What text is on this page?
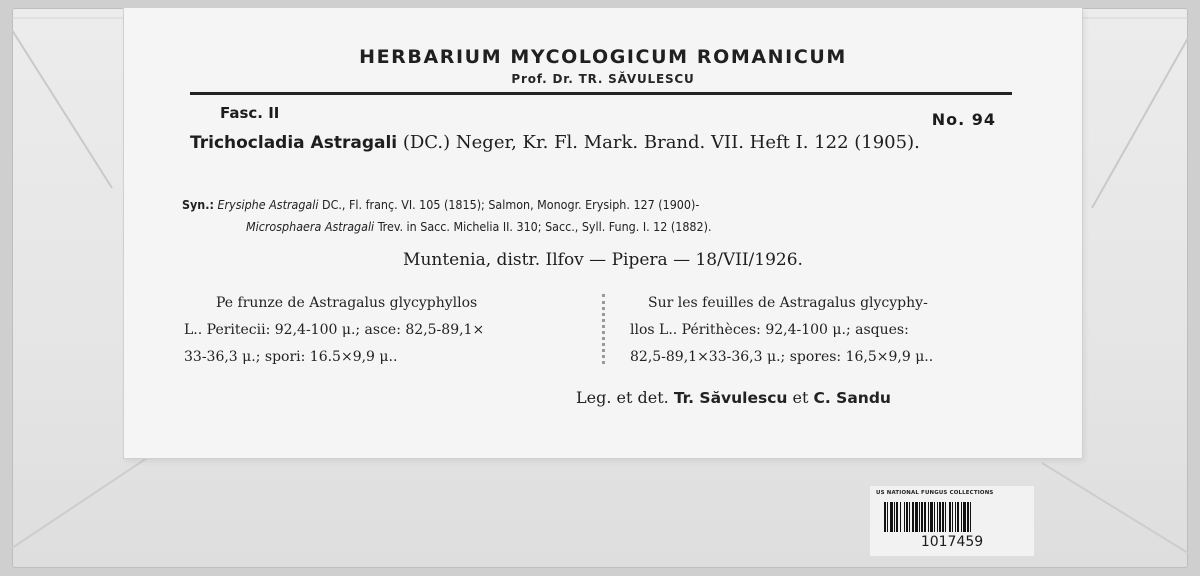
HERBARIUM MYCOLOGICUM ROMANICUM
Prof. Dr. TR. SĂVULESCU
Fasc. II	No. 94
Trichocladia Astragali (DC.) Neger, Kr. Fl. Mark. Brand. VII. Heft I. 122 (1905).
Syn.: Erysiphe Astragali DC., Fl. franç. VI. 105 (1815); Salmon, Monogr. Erysiph. 127 (1900)-
Microsphaera Astragali Trev. in Sacc. Michelia II. 310; Sacc., Syll. Fung. I. 12 (1882).
Muntenia, distr. Ilfov — Pipera — 18/VII/1926.
Pe frunze de Astragalus glycyphyllos
L.. Peritecii: 92,4-100 μ.; asce: 82,5-89,1×
33-36,3 μ.; spori: 16.5×9,9 μ..
Sur les feuilles de Astragalus glycyphy-
llos L.. Périthèces: 92,4-100 μ.; asques:
82,5-89,1×33-36,3 μ.; spores: 16,5×9,9 μ..
Leg. et det. Tr. Săvulescu et C. Sandu
US NATIONAL FUNGUS COLLECTIONS
1017459
